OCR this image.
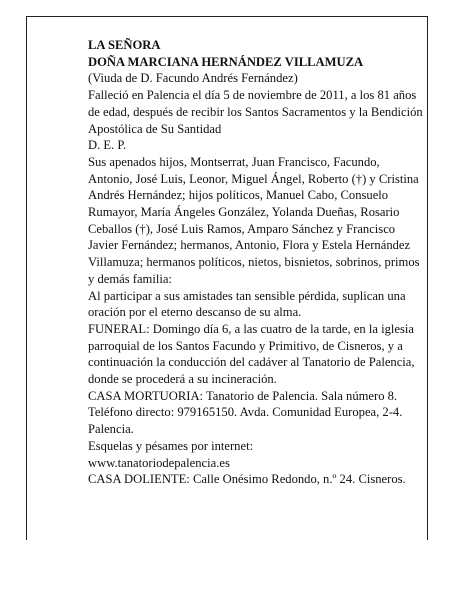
LA SEÑORA

DOÑA MARCIANA HERNÁNDEZ VILLAMUZA

(Viuda de D. Facundo Andrés Fernández)

Falleció en Palencia el día 5 de noviembre de 2011, a los 81 años de edad, después de recibir los Santos Sacramentos y la Bendición Apostólica de Su Santidad

D. E. P.

Sus apenados hijos, Montserrat, Juan Francisco, Facundo, Antonio, José Luis, Leonor, Miguel Ángel, Roberto (†) y Cristina Andrés Hernández; hijos políticos, Manuel Cabo, Consuelo Rumayor, María Ángeles González, Yolanda Dueñas, Rosario Ceballos (†), José Luis Ramos, Amparo Sánchez y Francisco Javier Fernández; hermanos, Antonio, Flora y Estela Hernández Villamuza; hermanos políticos, nietos, bisnietos, sobrinos, primos y demás familia:

Al participar a sus amistades tan sensible pérdida, suplican una oración por el eterno descanso de su alma.

FUNERAL: Domingo día 6, a las cuatro de la tarde, en la iglesia parroquial de los Santos Facundo y Primitivo, de Cisneros, y a continuación la conducción del cadáver al Tanatorio de Palencia, donde se procederá a su incineración.

CASA MORTUORIA: Tanatorio de Palencia. Sala número 8. Teléfono directo: 979165150. Avda. Comunidad Europea, 2-4. Palencia.

Esquelas y pésames por internet:

www.tanatoriodepalencia.es

CASA DOLIENTE: Calle Onésimo Redondo, n.º 24. Cisneros.
